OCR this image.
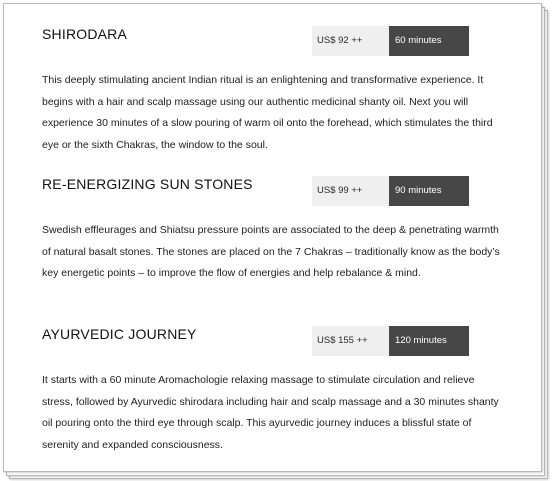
SHIRODARA	US$ 92 ++	60 minutes

This deeply stimulating ancient Indian ritual is an enlightening and transformative experience. It begins with a hair and scalp massage using our authentic medicinal shanty oil. Next you will experience 30 minutes of a slow pouring of warm oil onto the forehead, which stimulates the third eye or the sixth Chakras, the window to the soul.

RE-ENERGIZING SUN STONES	US$ 99 ++	90 minutes

Swedish effleurages and Shiatsu pressure points are associated to the deep & penetrating warmth of natural basalt stones. The stones are placed on the 7 Chakras – traditionally know as the body’s key energetic points – to improve the flow of energies and help rebalance & mind.

AYURVEDIC JOURNEY	US$ 155 ++	120 minutes

It starts with a 60 minute Aromachologie relaxing massage to stimulate circulation and relieve stress, followed by Ayurvedic shirodara including hair and scalp massage and a 30 minutes shanty oil pouring onto the third eye through scalp. This ayurvedic journey induces a blissful state of serenity and expanded consciousness.
